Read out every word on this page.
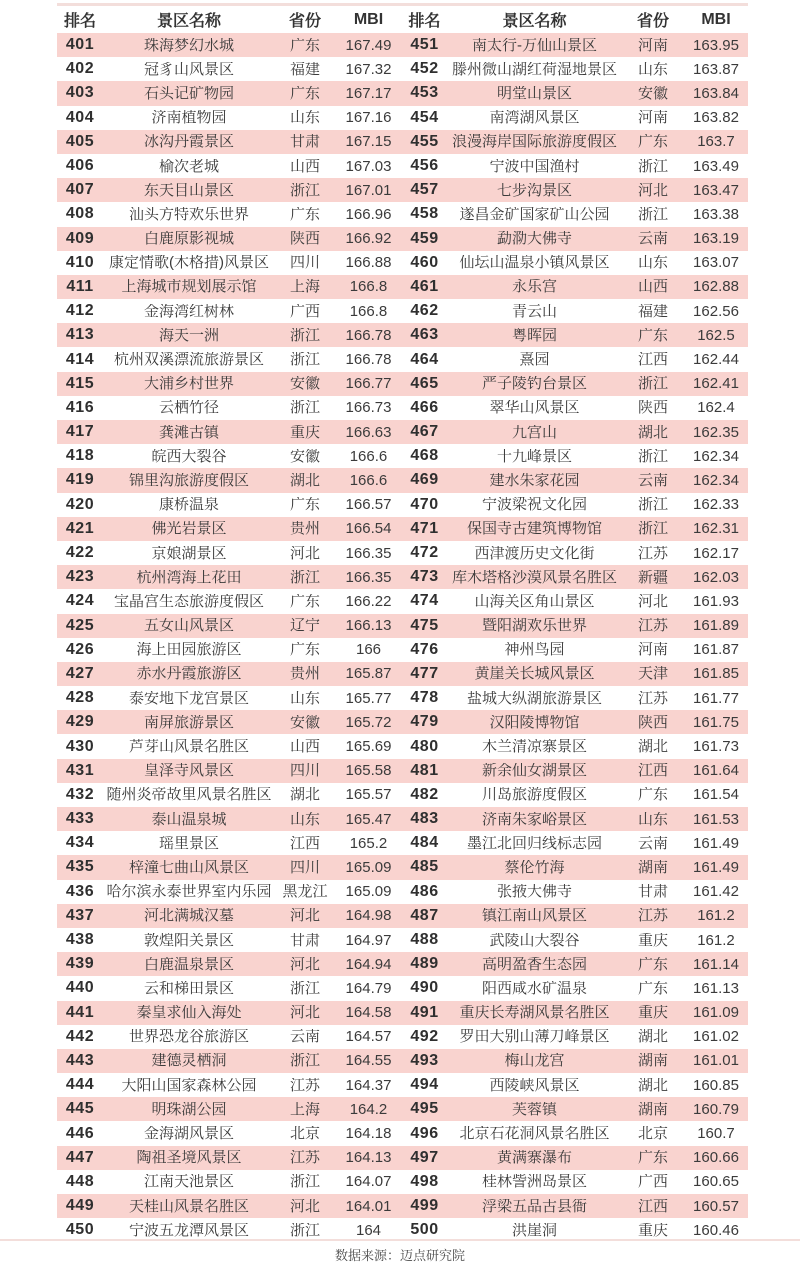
排名	景区名称	省份	MBI	排名	景区名称	省份	MBI
401	珠海梦幻水城	广东	167.49	451	南太行-万仙山景区	河南	163.95
402	冠豸山风景区	福建	167.32	452 滕州微山湖红荷湿地景区	山东	163.87
403	石头记矿物园	广东	167.17	453	明堂山景区	安徽	163.84
404	济南植物园	山东	167.16	454	南湾湖风景区	河南	163.82
405	冰沟丹霞景区	甘肃	167.15	455 浪漫海岸国际旅游度假区	广东	163.7
406	榆次老城	山西	167.03	456	宁波中国渔村	浙江	163.49
407	东天目山景区	浙江	167.01	457	七步沟景区	河北	163.47
408	汕头方特欢乐世界	广东	166.96	458	遂昌金矿国家矿山公园	浙江	163.38
409	白鹿原影视城	陕西	166.92	459	勐泐大佛寺	云南	163.19
410 康定情歌(木格措)风景区	四川	166.88	460	仙坛山温泉小镇风景区	山东	163.07
411	上海城市规划展示馆	上海	166.8	461	永乐宫	山西	162.88
412	金海湾红树林	广西	166.8	462	青云山	福建	162.56
413	海天一洲	浙江	166.78	463	粤晖园	广东	162.5
414	杭州双溪漂流旅游景区	浙江	166.78	464	熹园	江西	162.44
415	大浦乡村世界	安徽	166.77	465	严子陵钓台景区	浙江	162.41
416	云栖竹径	浙江	166.73	466	翠华山风景区	陕西	162.4
417	龚滩古镇	重庆	166.63	467	九宫山	湖北	162.35
418	皖西大裂谷	安徽	166.6	468	十九峰景区	浙江	162.34
419	锦里沟旅游度假区	湖北	166.6	469	建水朱家花园	云南	162.34
420	康桥温泉	广东	166.57	470	宁波梁祝文化园	浙江	162.33
421	佛光岩景区	贵州	166.54	471	保国寺古建筑博物馆	浙江	162.31
422	京娘湖景区	河北	166.35	472	西津渡历史文化街	江苏	162.17
423	杭州湾海上花田	浙江	166.35	473 库木塔格沙漠风景名胜区	新疆	162.03
424	宝晶宫生态旅游度假区	广东	166.22	474	山海关区角山景区	河北	161.93
425	五女山风景区	辽宁	166.13	475	暨阳湖欢乐世界	江苏	161.89
426	海上田园旅游区	广东	166	476	神州鸟园	河南	161.87
427	赤水丹霞旅游区	贵州	165.87	477	黄崖关长城风景区	天津	161.85
428	泰安地下龙宫景区	山东	165.77	478	盐城大纵湖旅游景区	江苏	161.77
429	南屏旅游景区	安徽	165.72	479	汉阳陵博物馆	陕西	161.75
430	芦芽山风景名胜区	山西	165.69	480	木兰清凉寨景区	湖北	161.73
431	皇泽寺风景区	四川	165.58	481	新余仙女湖景区	江西	161.64
432 随州炎帝故里风景名胜区	湖北	165.57	482	川岛旅游度假区	广东	161.54
433	泰山温泉城	山东	165.47	483	济南朱家峪景区	山东	161.53
434	瑶里景区	江西	165.2	484	墨江北回归线标志园	云南	161.49
435	梓潼七曲山风景区	四川	165.09	485	蔡伦竹海	湖南	161.49
436 哈尔滨永泰世界室内乐园 黑龙江	165.09	486	张掖大佛寺	甘肃	161.42
437	河北满城汉墓	河北	164.98	487	镇江南山风景区	江苏	161.2
438	敦煌阳关景区	甘肃	164.97	488	武陵山大裂谷	重庆	161.2
439	白鹿温泉景区	河北	164.94	489	高明盈香生态园	广东	161.14
440	云和梯田景区	浙江	164.79	490	阳西咸水矿温泉	广东	161.13
441	秦皇求仙入海处	河北	164.58	491	重庆长寿湖风景名胜区	重庆	161.09
442	世界恐龙谷旅游区	云南	164.57	492	罗田大别山薄刀峰景区	湖北	161.02
443	建德灵栖洞	浙江	164.55	493	梅山龙宫	湖南	161.01
444	大阳山国家森林公园	江苏	164.37	494	西陵峡风景区	湖北	160.85
445	明珠湖公园	上海	164.2	495	芙蓉镇	湖南	160.79
446	金海湖风景区	北京	164.18	496	北京石花洞风景名胜区	北京	160.7
447	陶祖圣境风景区	江苏	164.13	497	黄满寨瀑布	广东	160.66
448	江南天池景区	浙江	164.07	498	桂林訾洲岛景区	广西	160.65
449	天桂山风景名胜区	河北	164.01	499	浮梁五品古县衙	江西	160.57
450	宁波五龙潭风景区	浙江	164	500	洪崖洞	重庆	160.46
数据来源：迈点研究院
